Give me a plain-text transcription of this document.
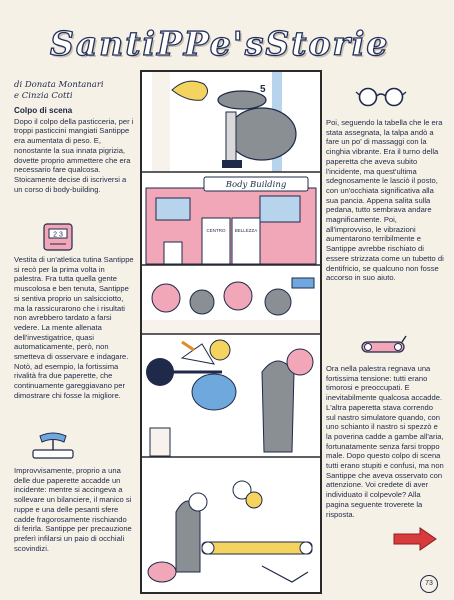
SantiPPe'sStorie
di Donata Montanari
e Cinzia Cotti
Colpo di scena

Dopo il colpo della pasticceria, per i troppi pasticcini mangiati Santippe era aumentata di peso. E, nonostante la sua innata pigrizia, dovette proprio ammettere che era necessario fare qualcosa. Stoicamente decise di iscriversi a un corso di body-building.

2 3

Vestita di un'atletica tutina Santippe si recò per la prima volta in palestra. Fra tutta quella gente muscolosa e ben tenuta, Santippe si sentiva proprio un salsicciotto, ma la rassicurarono che i risultati non avrebbero tardato a farsi vedere. La mente allenata dell'investigatrice, quasi automaticamente, però, non smetteva di osservare e indagare. Notò, ad esempio, la fortissima rivalità fra due paperette, che continuamente gareggiavano per dimostrare chi fosse la migliore.

Improvvisamente, proprio a una delle due paperette accadde un incidente: mentre si accingeva a sollevare un bilanciere, il manico si ruppe e una delle pesanti sfere cadde fragorosamente rischiando di ferirla. Santippe per precauzione preferì infilarsi un paio di occhiali scovindizi.

Poi, seguendo la tabella che le era stata assegnata, la talpa andò a fare un po' di massaggi con la cinghia vibrante. Era il turno della paperetta che aveva subito l'incidente, ma quest'ultima sdegnosamente le lasciò il posto, con un'occhiata significativa alla sua pancia. Appena salita sulla pedana, tutto sembrava andare magnificamente. Poi, all'improvviso, le vibrazioni aumentarono terribilmente e Santippe avrebbe rischiato di essere strizzata come un tubetto di dentifricio, se qualcuno non fosse accorso in suo aiuto.

Ora nella palestra regnava una fortissima tensione: tutti erano timorosi e preoccupati. E inevitabilmente qualcosa accadde. L'altra paperetta stava correndo sul nastro simulatore quando, con uno schianto il nastro si spezzò e la poverina cadde a gambe all'aria, fortunatamente senza farsi troppo male. Dopo questo colpo di scena tutti erano stupiti e confusi, ma non Santippe che aveva osservato con attenzione. Voi credete di aver individuato il colpevole? Alla pagina seguente troverete la risposta.

73
5
Body Building
CENTRO BELLEZZA
